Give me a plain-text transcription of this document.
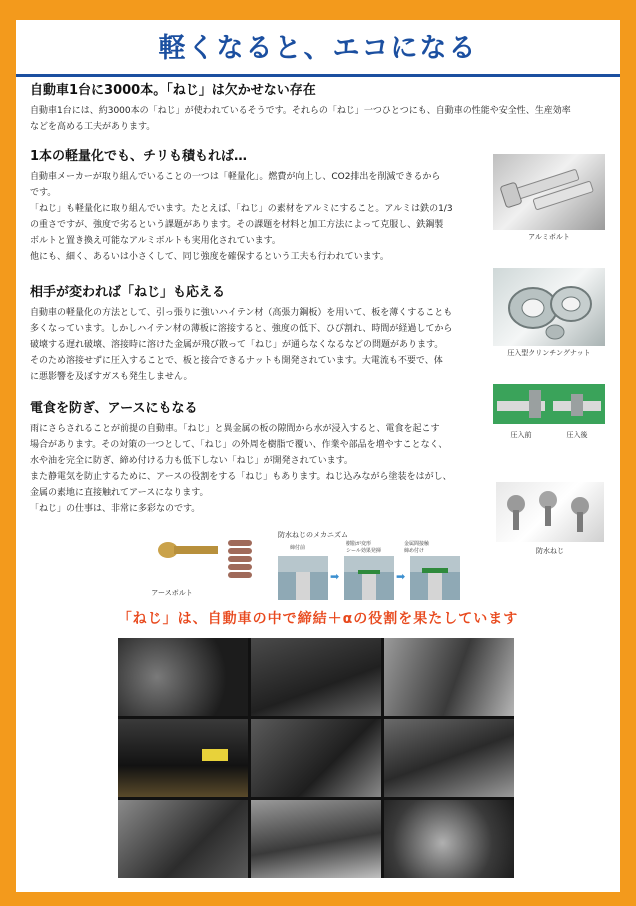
軽くなると、エコになる
自動車1台に3000本。「ねじ」は欠かせない存在

自動車1台には、約3000本の「ねじ」が使われているそうです。それらの「ねじ」一つひとつにも、自動車の性能や安全性、生産効率

などを高める工夫があります。

1本の軽量化でも、チリも積もれば…

自動車メーカーが取り組んでいることの一つは「軽量化」。燃費が向上し、CO2排出を削減できるから

です。

「ねじ」も軽量化に取り組んでいます。たとえば、「ねじ」の素材をアルミにすること。アルミは鉄の1/3

の重さですが、強度で劣るという課題があります。その課題を材料と加工方法によって克服し、鉄鋼製

ボルトと置き換え可能なアルミボルトも実用化されています。

他にも、細く、あるいは小さくして、同じ強度を確保するという工夫も行われています。

相手が変われば「ねじ」も応える

自動車の軽量化の方法として、引っ張りに強いハイテン材（高張力鋼板）を用いて、板を薄くすることも

多くなっています。しかしハイテン材の薄板に溶接すると、強度の低下、ひび割れ、時間が経過してから

破壊する遅れ破壊、溶接時に溶けた金属が飛び散って「ねじ」が通らなくなるなどの問題があります。

そのため溶接せずに圧入することで、板と接合できるナットも開発されています。大電流も不要で、体

に悪影響を及ぼすガスも発生しません。

電食を防ぎ、アースにもなる

雨にさらされることが前提の自動車。「ねじ」と異金属の板の隙間から水が浸入すると、電食を起こす

場合があります。その対策の一つとして、「ねじ」の外周を樹脂で覆い、作業や部品を増やすことなく、

水や油を完全に防ぎ、締め付ける力も低下しない「ねじ」が開発されています。

また静電気を防止するために、アースの役割をする「ねじ」もあります。ねじ込みながら塗装をはがし、

金属の素地に直接触れてアースになります。

「ねじ」の仕事は、非常に多彩なのです。

アルミボルト
圧入型クリンチングナット
圧入前	圧入後
防水ねじ
アースボルト
防水ねじのメカニズム
締付前
樹脂が変形
シール効果発揮
金属間接触
締め付け
➡	➡
「ねじ」は、自動車の中で締結＋αの役割を果たしています
